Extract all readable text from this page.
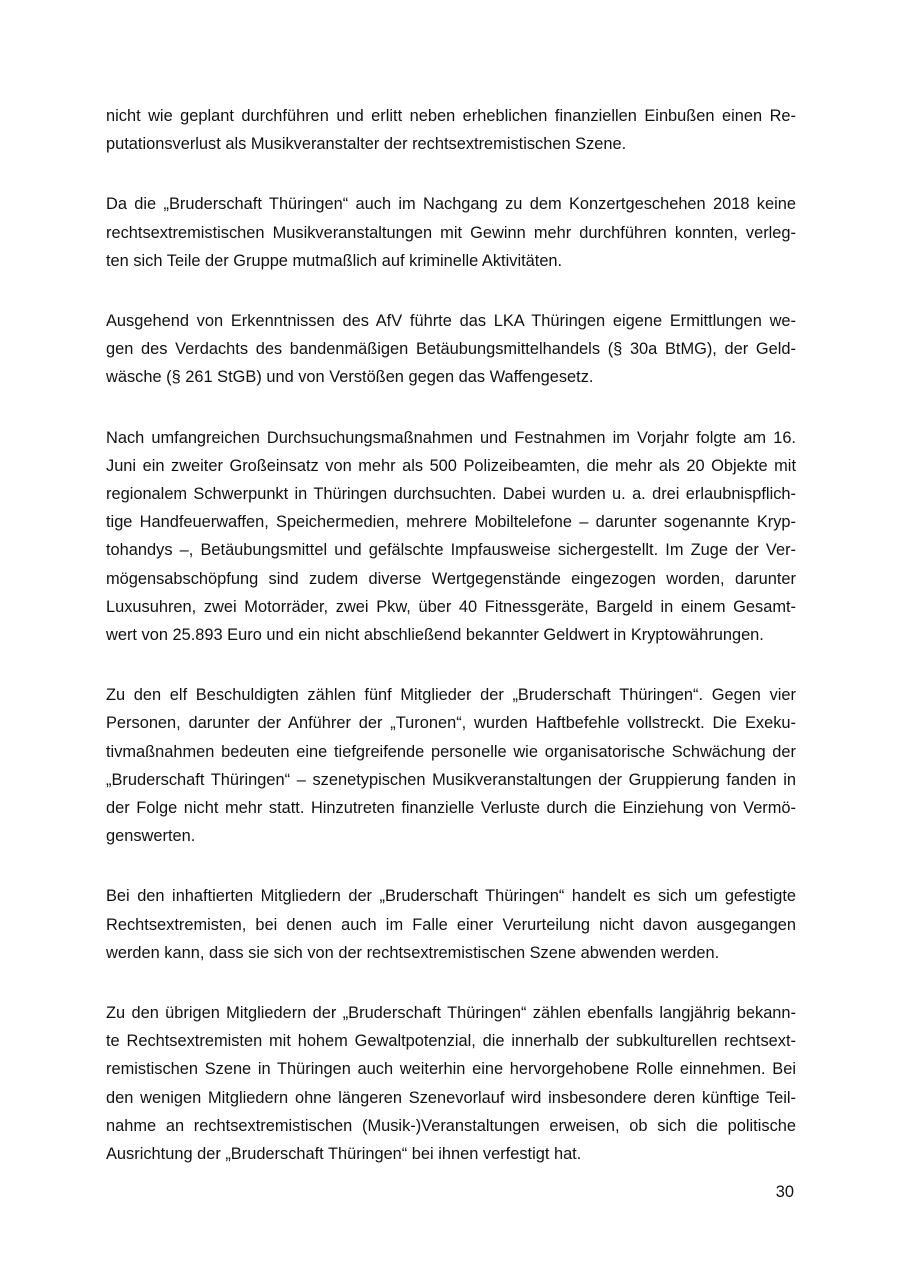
nicht wie geplant durchführen und erlitt neben erheblichen finanziellen Einbußen einen Re-
putationsverlust als Musikveranstalter der rechtsextremistischen Szene.

Da die „Bruderschaft Thüringen“ auch im Nachgang zu dem Konzertgeschehen 2018 keine
rechtsextremistischen Musikveranstaltungen mit Gewinn mehr durchführen konnten, verleg-
ten sich Teile der Gruppe mutmaßlich auf kriminelle Aktivitäten.

Ausgehend von Erkenntnissen des AfV führte das LKA Thüringen eigene Ermittlungen we-
gen des Verdachts des bandenmäßigen Betäubungsmittelhandels (§ 30a BtMG), der Geld-
wäsche (§ 261 StGB) und von Verstößen gegen das Waffengesetz.

Nach umfangreichen Durchsuchungsmaßnahmen und Festnahmen im Vorjahr folgte am 16.
Juni ein zweiter Großeinsatz von mehr als 500 Polizeibeamten, die mehr als 20 Objekte mit
regionalem Schwerpunkt in Thüringen durchsuchten. Dabei wurden u. a. drei erlaubnispflich-
tige Handfeuerwaffen, Speichermedien, mehrere Mobiltelefone – darunter sogenannte Kryp-
tohandys –, Betäubungsmittel und gefälschte Impfausweise sichergestellt. Im Zuge der Ver-
mögensabschöpfung sind zudem diverse Wertgegenstände eingezogen worden, darunter
Luxusuhren, zwei Motorräder, zwei Pkw, über 40 Fitnessgeräte, Bargeld in einem Gesamt-
wert von 25.893 Euro und ein nicht abschließend bekannter Geldwert in Kryptowährungen.

Zu den elf Beschuldigten zählen fünf Mitglieder der „Bruderschaft Thüringen“. Gegen vier
Personen, darunter der Anführer der „Turonen“, wurden Haftbefehle vollstreckt. Die Exeku-
tivmaßnahmen bedeuten eine tiefgreifende personelle wie organisatorische Schwächung der
„Bruderschaft Thüringen“ – szenetypischen Musikveranstaltungen der Gruppierung fanden in
der Folge nicht mehr statt. Hinzutreten finanzielle Verluste durch die Einziehung von Vermö-
genswerten.

Bei den inhaftierten Mitgliedern der „Bruderschaft Thüringen“ handelt es sich um gefestigte
Rechtsextremisten, bei denen auch im Falle einer Verurteilung nicht davon ausgegangen
werden kann, dass sie sich von der rechtsextremistischen Szene abwenden werden.

Zu den übrigen Mitgliedern der „Bruderschaft Thüringen“ zählen ebenfalls langjährig bekann-
te Rechtsextremisten mit hohem Gewaltpotenzial, die innerhalb der subkulturellen rechtsext-
remistischen Szene in Thüringen auch weiterhin eine hervorgehobene Rolle einnehmen. Bei
den wenigen Mitgliedern ohne längeren Szenevorlauf wird insbesondere deren künftige Teil-
nahme an rechtsextremistischen (Musik-)Veranstaltungen erweisen, ob sich die politische
Ausrichtung der „Bruderschaft Thüringen“ bei ihnen verfestigt hat.

30
